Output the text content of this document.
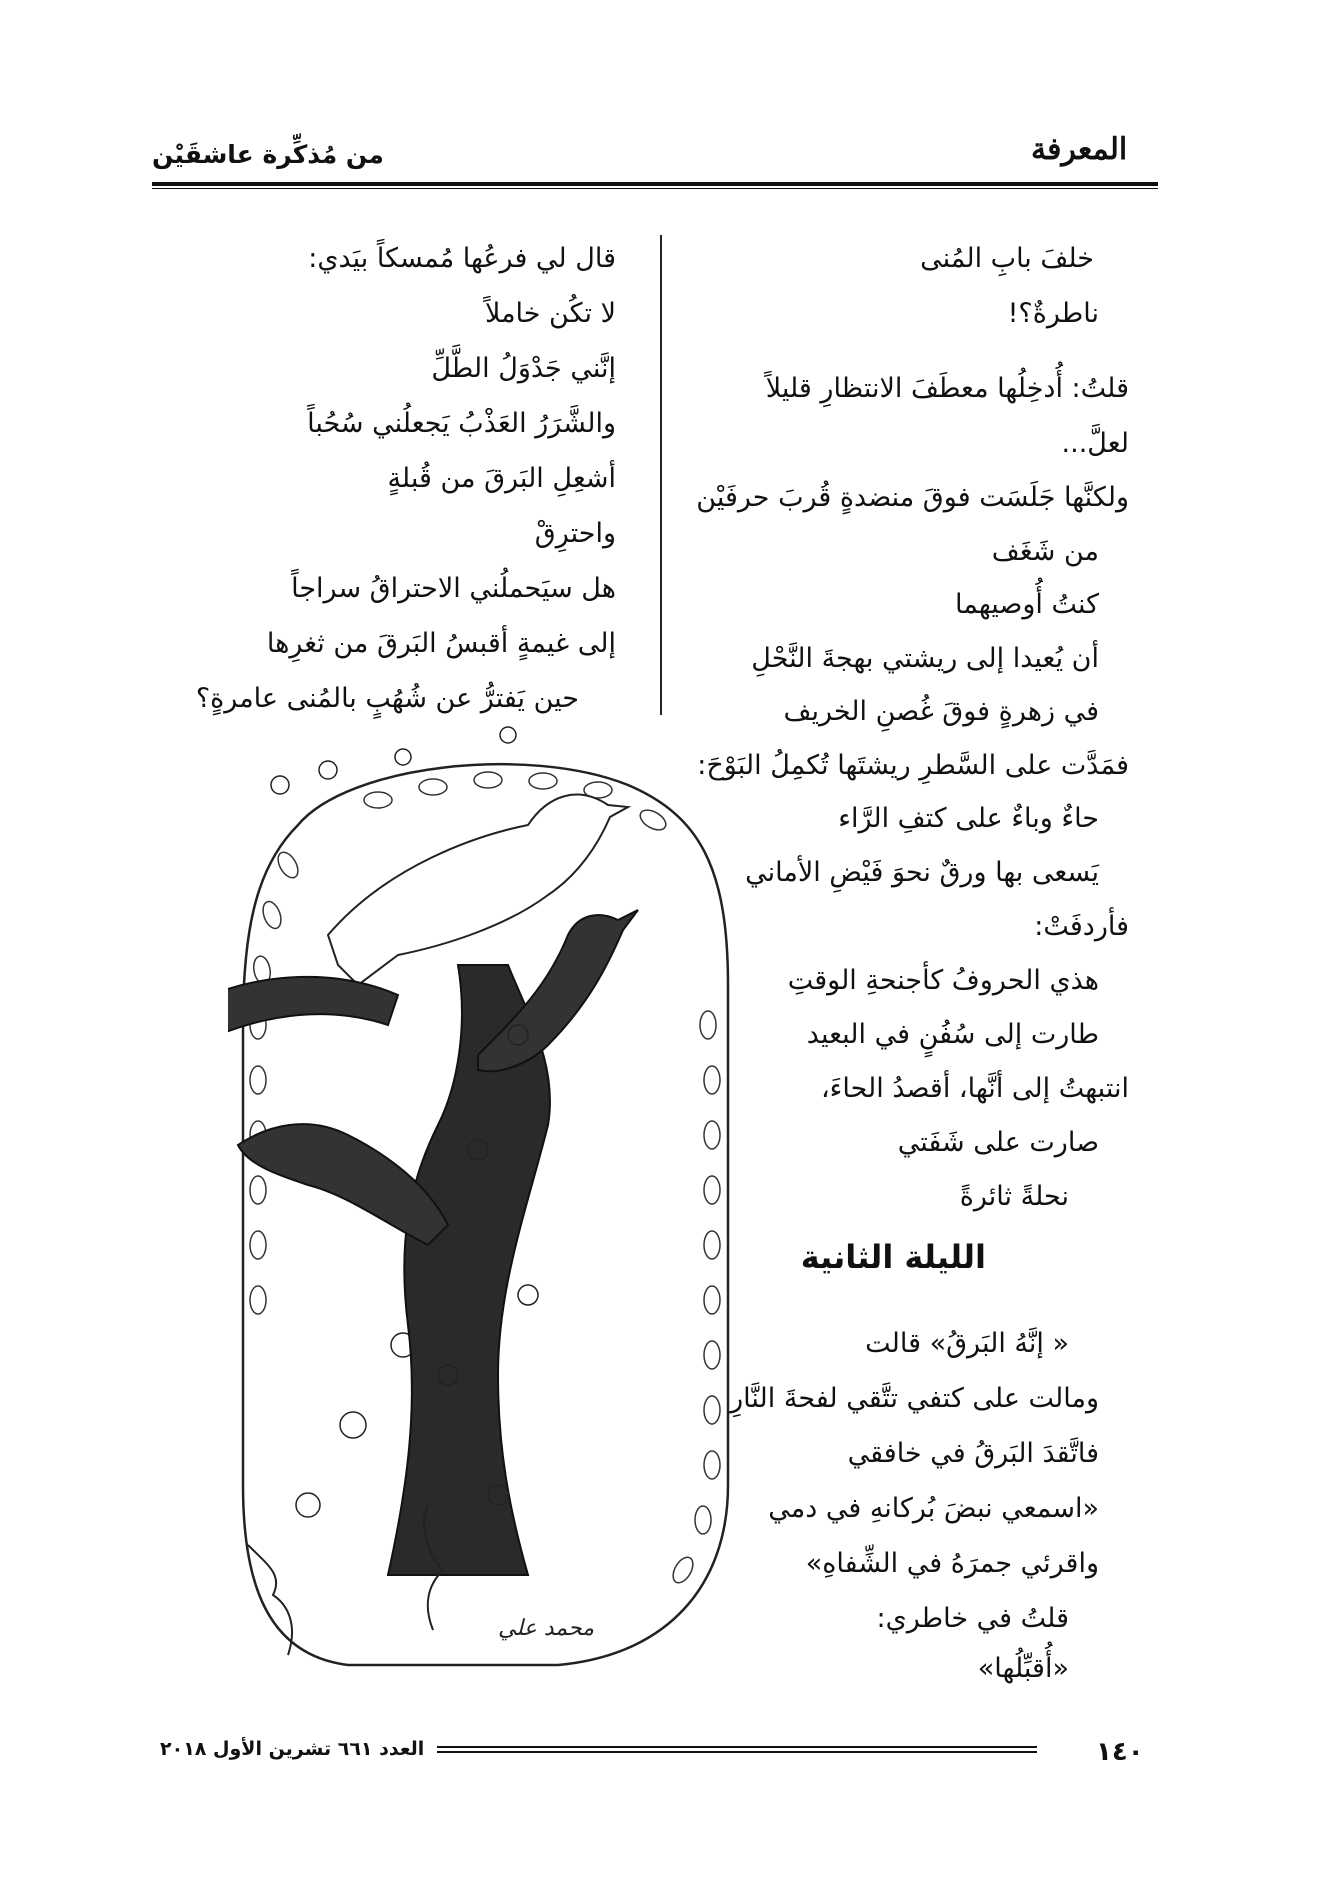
المعرفة
من مُذكِّرة عاشقَيْن
خلفَ بابِ المُنى
ناطرةٌ؟!
قلتُ: أُدخِلُها معطَفَ الانتظارِ قليلاً
لعلَّ...
ولكنَّها جَلَسَت فوقَ منضدةٍ قُربَ حرفَيْن
من شَغَف
كنتُ أُوصيهما
أن يُعيدا إلى ريشتي بهجةَ النَّحْلِ
في زهرةٍ فوقَ غُصنِ الخريف
فمَدَّت على السَّطرِ ريشتَها تُكمِلُ البَوْحَ:
حاءٌ وباءٌ على كتفِ الرَّاء
يَسعى بها ورقٌ نحوَ فَيْضِ الأماني
فأردفَتْ:
هذي الحروفُ كأجنحةِ الوقتِ
طارت إلى سُفُنٍ في البعيد
انتبهتُ إلى أنَّها، أقصدُ الحاءَ،
صارت على شَفَتي
نحلةً ثائرةً
قال لي فرعُها مُمسكاً بيَدي:
لا تكُن خاملاً
إنَّني جَدْوَلُ الطَّلِّ
والشَّرَرُ العَذْبُ يَجعلُني سُحُباً
أشعِلِ البَرقَ من قُبلةٍ
واحترِقْ
هل سيَحملُني الاحتراقُ سراجاً
إلى غيمةٍ أقبسُ البَرقَ من ثغرِها
حين يَفترُّ عن شُهُبٍ بالمُنى عامرةٍ؟
الليلة الثانية
« إنَّهُ البَرقُ» قالت
ومالت على كتفي تتَّقي لفحةَ النَّارِ
فاتَّقدَ البَرقُ في خافقي
«اسمعي نبضَ بُركانهِ في دمي
واقرئي جمرَهُ في الشِّفاهِ»
قلتُ في خاطري:
«أُقبِّلُها»
محمد علي
١٤٠
العدد ٦٦١ تشرين الأول ٢٠١٨
